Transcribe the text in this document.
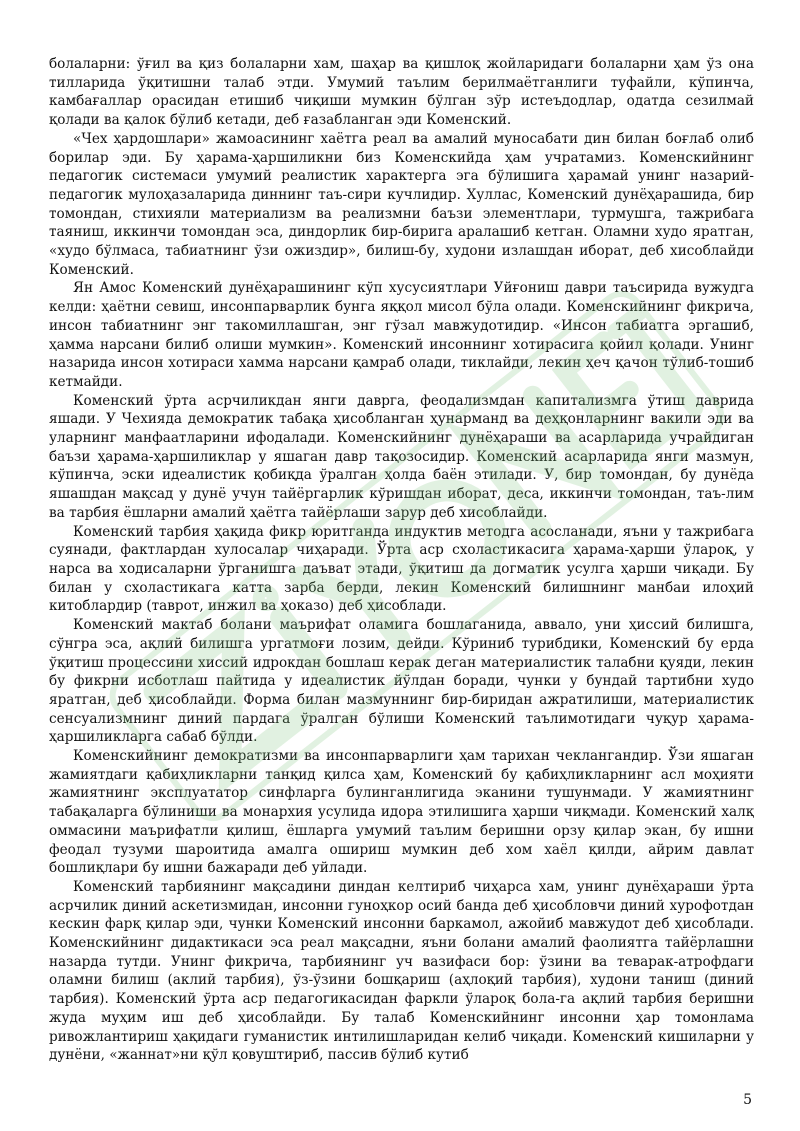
болаларни: ўғил ва қиз болаларни хам, шаҳар ва қишлоқ жойларидаги болаларни ҳам ўз она тилларида ўқитишни талаб этди. Умумий таълим берилмаётганлиги туфайли, кўпинча, камбағаллар орасидан етишиб чиқиши мумкин бўлган зўр истеъдодлар, одатда сезилмай қолади ва қалок бўлиб кетади, деб ғазабланган эди Коменский.

«Чех ҳардошлари» жамоасининг хаётга реал ва амалий муносабати дин билан боғлаб олиб борилар эди. Бу ҳарама-ҳаршиликни биз Коменскийда ҳам учратамиз. Коменскийнинг педагогик системаси умумий реалистик характерга эга бўлишига ҳарамай унинг назарий-педагогик мулоҳазаларида диннинг таъ-сири кучлидир. Хуллас, Коменский дунёҳарашида, бир томондан, стихияли материализм ва реализмни баъзи элементлари, турмушга, тажрибага таяниш, иккинчи томондан эса, диндорлик бир-бирига аралашиб кетган. Оламни худо яратган, «худо бўлмаса, табиатнинг ўзи ожиздир», билиш-бу, худони излашдан иборат, деб хисоблайди Коменский.

Ян Амос Коменский дунёҳарашининг кўп хусусиятлари Уйғониш даври таъсирида вужудга келди: ҳаётни севиш, инсонпарварлик бунга яққол мисол бўла олади. Коменскийнинг фикрича, инсон табиатнинг энг такомиллашган, энг гўзал мавжудотидир. «Инсон табиатга эргашиб, ҳамма нарсани билиб олиши мумкин». Коменский инсоннинг хотирасига қойил қолади. Унинг назарида инсон хотираси хамма нарсани қамраб олади, тиклайди, лекин ҳеч қачон тўлиб-тошиб кетмайди.

Коменский ўрта асрчиликдан янги даврга, феодализмдан капитализмга ўтиш даврида яшади. У Чехияда демократик табақа ҳисобланган ҳунарманд ва деҳқонларнинг вакили эди ва уларнинг манфаатларини ифодалади. Коменскийнинг дунёҳараши ва асарларида учрайдиган баъзи ҳарама-ҳаршиликлар у яшаган давр тақозосидир. Коменский асарларида янги мазмун, кўпинча, эски идеалистик қобиқда ўралган ҳолда баён этилади. У, бир томондан, бу дунёда яшашдан мақсад у дунё учун тайёргарлик кўришдан иборат, деса, иккинчи томондан, таъ-лим ва тарбия ёшларни амалий ҳаётга тайёрлаши зарур деб хисоблайди.

Коменский тарбия ҳақида фикр юритганда индуктив методга асосланади, яъни у тажрибага суянади, фактлардан хулосалар чиҳаради. Ўрта аср схоластикасига ҳарама-ҳарши ўлароқ, у нарса ва ходисаларни ўрганишга даъват этади, ўқитиш да догматик усулга ҳарши чиқади. Бу билан у схоластикага катта зарба берди, лекин Коменский билишнинг манбаи илоҳий китоблардир (таврот, инжил ва ҳоказо) деб ҳисоблади.

Коменский мактаб болани маърифат оламига бошлаганида, аввало, уни ҳиссий билишга, сўнгра эса, ақлий билишга ургатмоғи лозим, дейди. Кўриниб турибдики, Коменский бу ерда ўқитиш процессини хиссий идрокдан бошлаш керак деган материалистик талабни қуяди, лекин бу фикрни исботлаш пайтида у идеалистик йўлдан боради, чунки у бундай тартибни худо яратган, деб ҳисоблайди. Форма билан мазмуннинг бир-биридан ажратилиши, материалистик сенсуализмнинг диний пардага ўралган бўлиши Коменский таълимотидаги чуқур ҳарама-ҳаршиликларга сабаб бўлди.

Коменскийнинг демократизми ва инсонпарварлиги ҳам тарихан чеклангандир. Ўзи яшаган жамиятдаги қабиҳликларни танқид қилса ҳам, Коменский бу қабиҳликларнинг асл моҳияти жамиятнинг эксплуататор синфларга булинганлигида эканини тушунмади. У жамиятнинг табақаларга бўлиниши ва монархия усулида идора этилишига ҳарши чиқмади. Коменский халқ оммасини маърифатли қилиш, ёшларга умумий таълим беришни орзу қилар экан, бу ишни феодал тузуми шароитида амалга ошириш мумкин деб хом хаёл қилди, айрим давлат бошлиқлари бу ишни бажаради деб уйлади.

Коменский тарбиянинг мақсадини диндан келтириб чиҳарса хам, унинг дунёҳараши ўрта асрчилик диний аскетизмидан, инсонни гуноҳкор осий банда деб ҳисобловчи диний хурофотдан кескин фарқ қилар эди, чунки Коменский инсонни баркамол, ажойиб мавжудот деб ҳисоблади. Коменскийнинг дидактикаси эса реал мақсадни, яъни болани амалий фаолиятга тайёрлашни назарда тутди. Унинг фикрича, тарбиянинг уч вазифаси бор: ўзини ва теварак-атрофдаги оламни билиш (аклий тарбия), ўз-ўзини бошқариш (аҳлоқий тарбия), худони таниш (диний тарбия). Коменский ўрта аср педагогикасидан фаркли ўлароқ бола-га ақлий тарбия беришни жуда муҳим иш деб ҳисоблайди. Бу талаб Коменскийнинг инсонни ҳар томонлама ривожлантириш ҳақидаги гуманистик интилишларидан келиб чиқади. Коменский кишиларни у дунёни, «жаннат»ни қўл қовуштириб, пассив бўлиб кутиб

5
